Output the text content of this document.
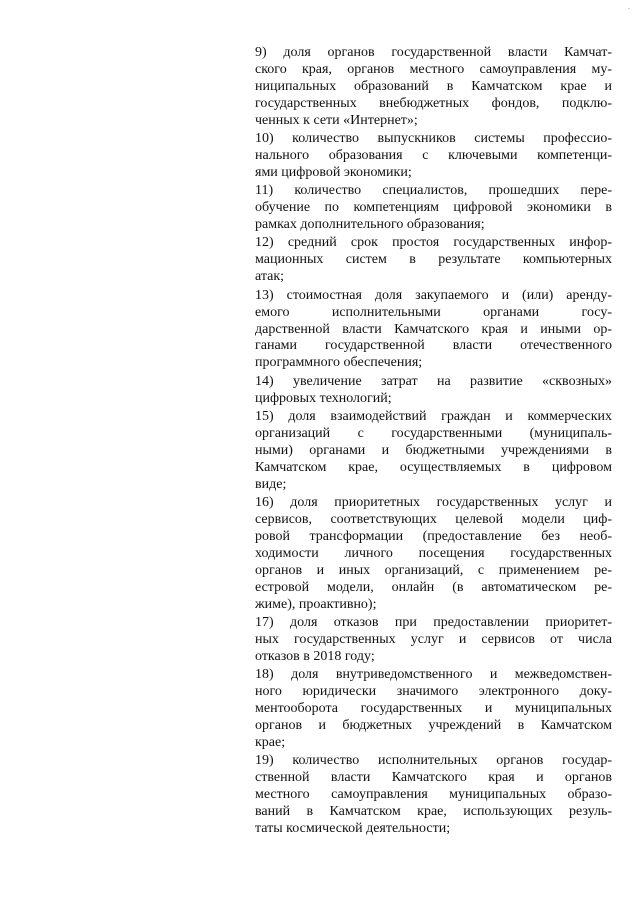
9) доля органов государственной власти Камчат-
ского края, органов местного самоуправления му-
ниципальных образований в Камчатском крае и
государственных внебюджетных фондов, подклю-
ченных к сети «Интернет»;
10) количество выпускников системы профессио-
нального образования с ключевыми компетенци-
ями цифровой экономики;
11) количество специалистов, прошедших пере-
обучение по компетенциям цифровой экономики в
рамках дополнительного образования;
12) средний срок простоя государственных инфор-
мационных систем в результате компьютерных
атак;
13) стоимостная доля закупаемого и (или) аренду-
емого исполнительными органами госу-
дарственной власти Камчатского края и иными ор-
ганами государственной власти отечественного
программного обеспечения;
14) увеличение затрат на развитие «сквозных»
цифровых технологий;
15) доля взаимодействий граждан и коммерческих
организаций с государственными (муниципаль-
ными) органами и бюджетными учреждениями в
Камчатском крае, осуществляемых в цифровом
виде;
16) доля приоритетных государственных услуг и
сервисов, соответствующих целевой модели циф-
ровой трансформации (предоставление без необ-
ходимости личного посещения государственных
органов и иных организаций, с применением ре-
естровой модели, онлайн (в автоматическом ре-
жиме), проактивно);
17) доля отказов при предоставлении приоритет-
ных государственных услуг и сервисов от числа
отказов в 2018 году;
18) доля внутриведомственного и межведомствен-
ного юридически значимого электронного доку-
ментооборота государственных и муниципальных
органов и бюджетных учреждений в Камчатском
крае;
19) количество исполнительных органов государ-
ственной власти Камчатского края и органов
местного самоуправления муниципальных образо-
ваний в Камчатском крае, использующих резуль-
таты космической деятельности;
